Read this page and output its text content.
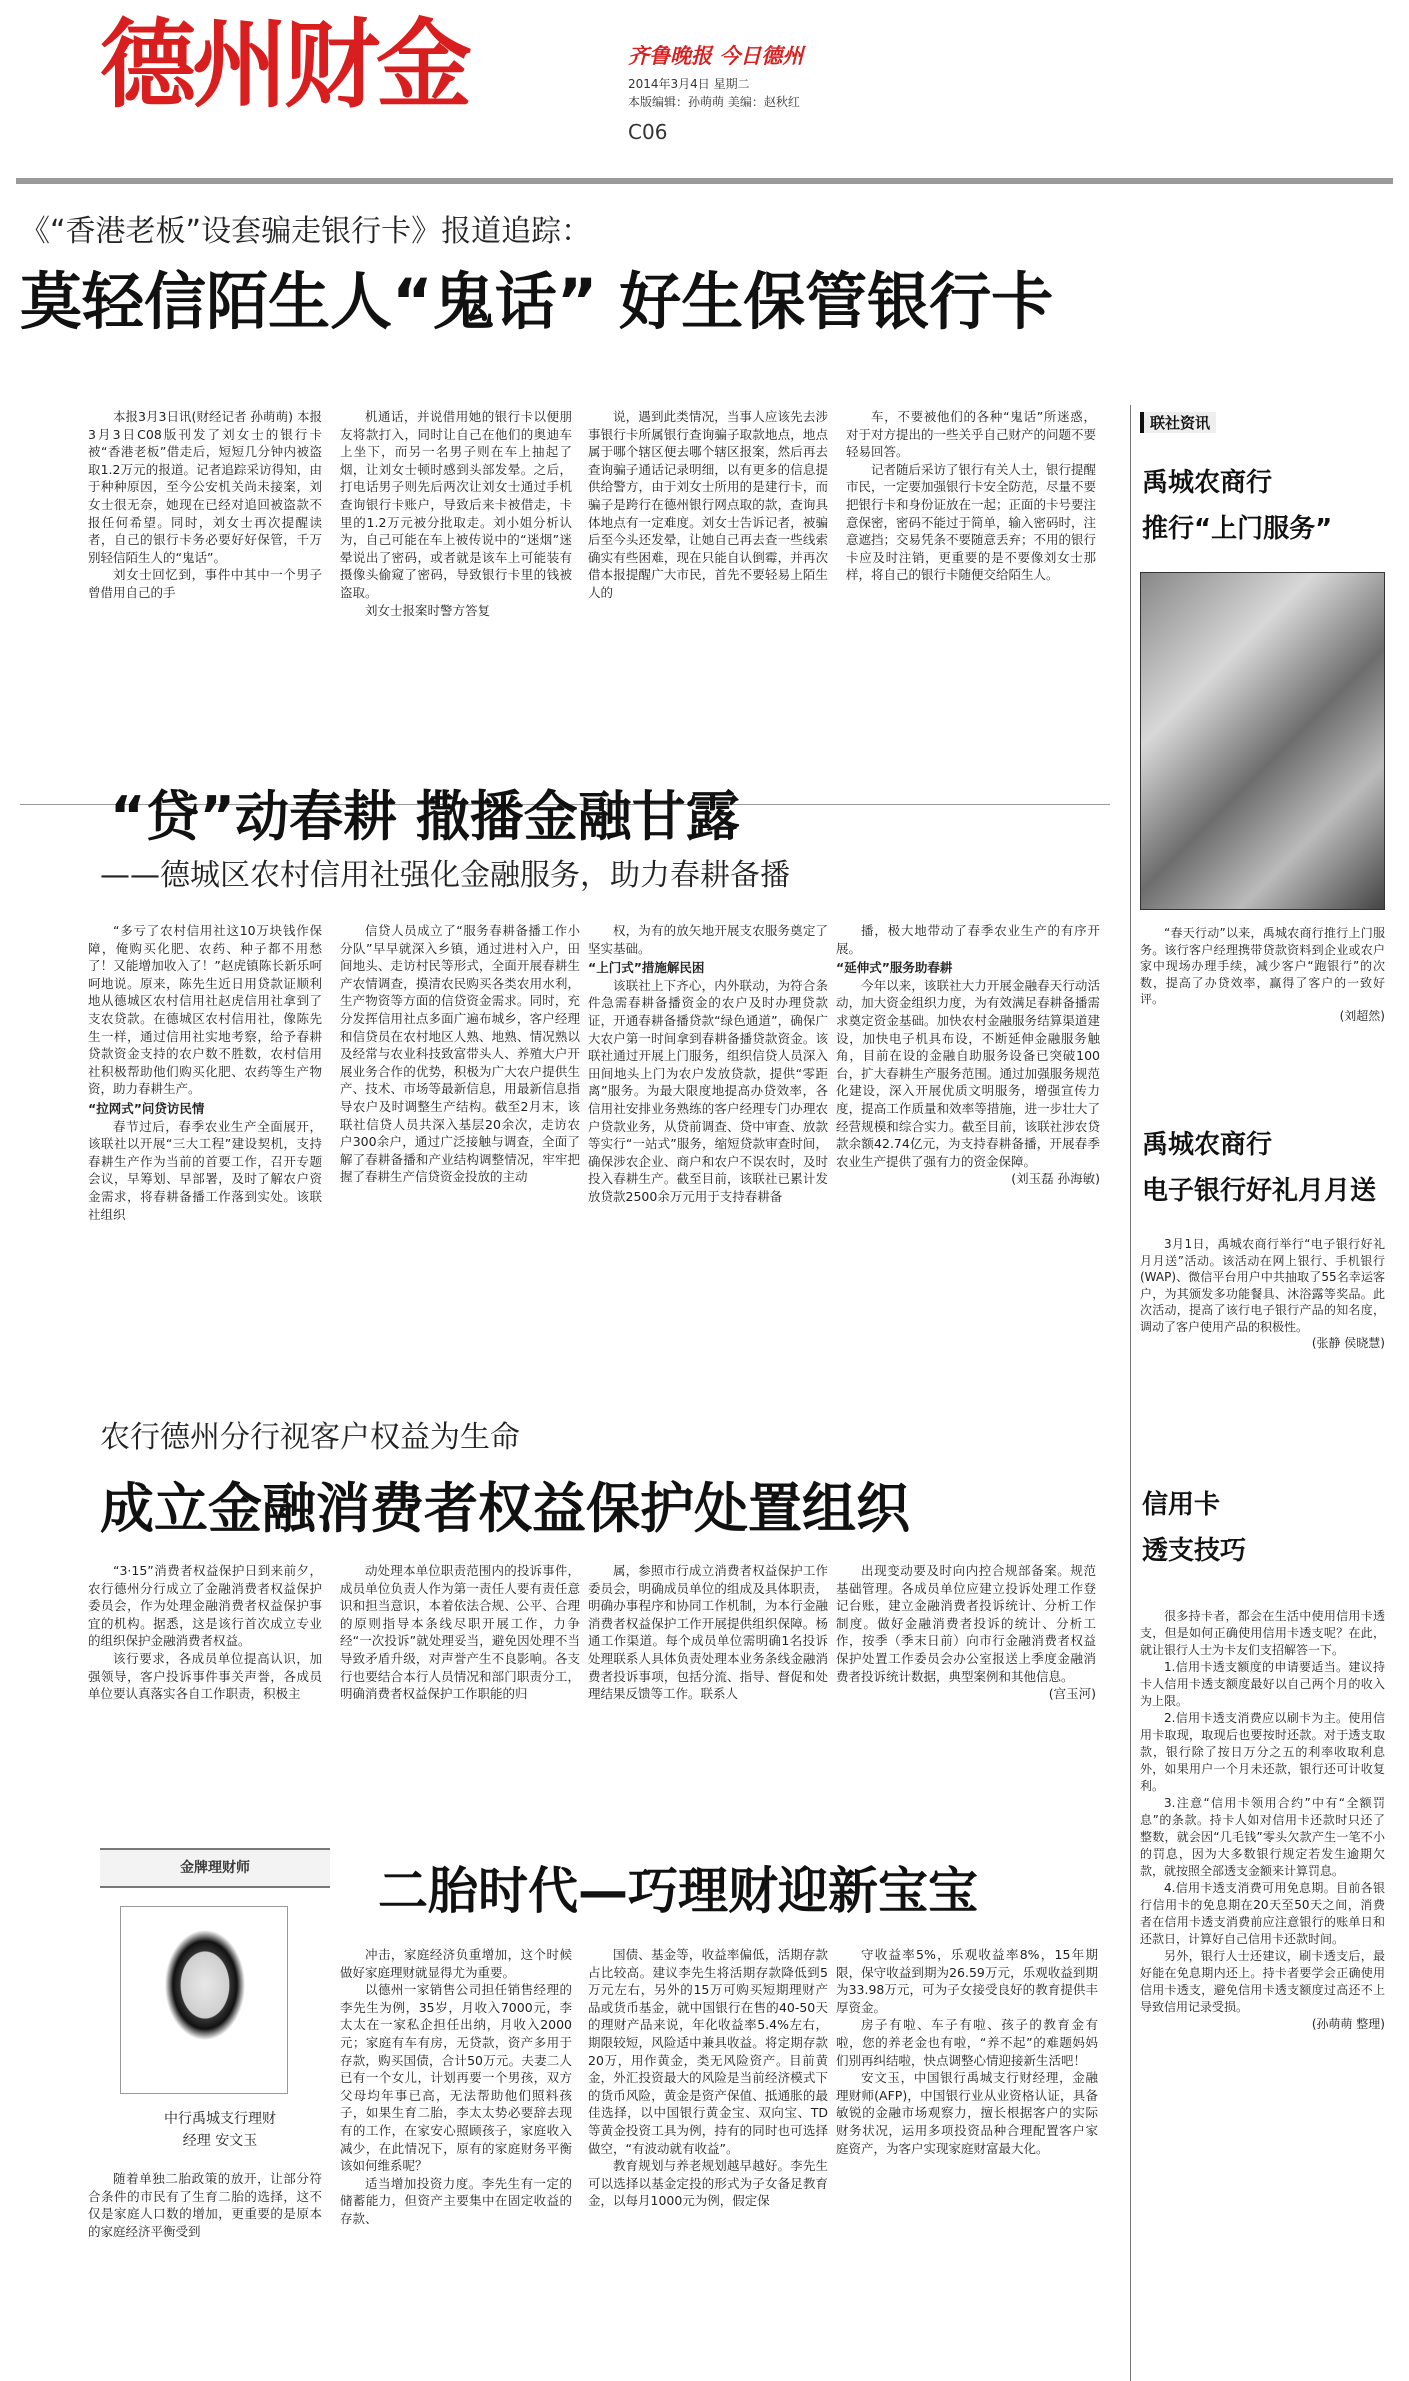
德州财金	齐鲁晚报 今日德州
2014年3月4日 星期二
本版编辑：孙萌萌 美编：赵秋红
C06
《“香港老板”设套骗走银行卡》报道追踪：
莫轻信陌生人“鬼话” 好生保管银行卡

本报3月3日讯(财经记者 孙萌萌) 本报3月3日C08版刊发了刘女士的银行卡被“香港老板”借走后，短短几分钟内被盗取1.2万元的报道。记者追踪采访得知，由于种种原因，至今公安机关尚未接案，刘女士很无奈，她现在已经对追回被盗款不报任何希望。同时，刘女士再次提醒读者，自己的银行卡务必要好好保管，千万别轻信陌生人的“鬼话”。

刘女士回忆到，事件中其中一个男子曾借用自己的手

机通话，并说借用她的银行卡以便朋友将款打入，同时让自己在他们的奥迪车上坐下，而另一名男子则在车上抽起了烟，让刘女士顿时感到头部发晕。之后，打电话男子则先后两次让刘女士通过手机查询银行卡账户，导致后来卡被借走，卡里的1.2万元被分批取走。刘小姐分析认为，自己可能在车上被传说中的“迷烟”迷晕说出了密码，或者就是该车上可能装有摄像头偷窥了密码，导致银行卡里的钱被盗取。

刘女士报案时警方答复

说，遇到此类情况，当事人应该先去涉事银行卡所属银行查询骗子取款地点，地点属于哪个辖区便去哪个辖区报案，然后再去查询骗子通话记录明细，以有更多的信息提供给警方，由于刘女士所用的是建行卡，而骗子是跨行在德州银行网点取的款，查询具体地点有一定难度。刘女士告诉记者，被骗后至今头还发晕，让她自己再去查一些线索确实有些困难，现在只能自认倒霉，并再次借本报提醒广大市民，首先不要轻易上陌生人的

车，不要被他们的各种“鬼话”所迷惑，对于对方提出的一些关乎自己财产的问题不要轻易回答。

记者随后采访了银行有关人士，银行提醒市民，一定要加强银行卡安全防范，尽量不要把银行卡和身份证放在一起；正面的卡号要注意保密，密码不能过于简单，输入密码时，注意遮挡；交易凭条不要随意丢弃；不用的银行卡应及时注销，更重要的是不要像刘女士那样，将自己的银行卡随便交给陌生人。

“贷”动春耕 撒播金融甘露
——德城区农村信用社强化金融服务，助力春耕备播

“多亏了农村信用社这10万块钱作保障，俺购买化肥、农药、种子都不用愁了！又能增加收入了！”赵虎镇陈长新乐呵呵地说。原来，陈先生近日用贷款证顺利地从德城区农村信用社赵虎信用社拿到了支农贷款。在德城区农村信用社，像陈先生一样，通过信用社实地考察，给予春耕贷款资金支持的农户数不胜数，农村信用社积极帮助他们购买化肥、农药等生产物资，助力春耕生产。

“拉网式”问贷访民情

春节过后，春季农业生产全面展开，该联社以开展“三大工程”建设契机，支持春耕生产作为当前的首要工作，召开专题会议，早筹划、早部署，及时了解农户资金需求，将春耕备播工作落到实处。该联社组织

信贷人员成立了“服务春耕备播工作小分队”早早就深入乡镇，通过进村入户，田间地头、走访村民等形式，全面开展春耕生产农情调查，摸清农民购买各类农用水利，生产物资等方面的信贷资金需求。同时，充分发挥信用社点多面广遍布城乡，客户经理和信贷员在农村地区人熟、地熟、情况熟以及经常与农业科技致富带头人、养殖大户开展业务合作的优势，积极为广大农户提供生产、技术、市场等最新信息，用最新信息指导农户及时调整生产结构。截至2月末，该联社信贷人员共深入基层20余次，走访农户300余户，通过广泛接触与调查，全面了解了春耕备播和产业结构调整情况，牢牢把握了春耕生产信贷资金投放的主动

权，为有的放矢地开展支农服务奠定了坚实基础。

“上门式”措施解民困

该联社上下齐心，内外联动，为符合条件急需春耕备播资金的农户及时办理贷款证，开通春耕备播贷款“绿色通道”，确保广大农户第一时间拿到春耕备播贷款资金。该联社通过开展上门服务，组织信贷人员深入田间地头上门为农户发放贷款，提供“零距离”服务。为最大限度地提高办贷效率，各信用社安排业务熟练的客户经理专门办理农户贷款业务，从贷前调查、贷中审查、放款等实行“一站式”服务，缩短贷款审查时间，确保涉农企业、商户和农户不误农时，及时投入春耕生产。截至目前，该联社已累计发放贷款2500余万元用于支持春耕备

播，极大地带动了春季农业生产的有序开展。

“延伸式”服务助春耕

今年以来，该联社大力开展金融春天行动活动，加大资金组织力度，为有效满足春耕备播需求奠定资金基础。加快农村金融服务结算渠道建设，加快电子机具布设，不断延伸金融服务触角，目前在设的金融自助服务设备已突破100台，扩大春耕生产服务范围。通过加强服务规范化建设，深入开展优质文明服务，增强宣传力度，提高工作质量和效率等措施，进一步壮大了经营规模和综合实力。截至目前，该联社涉农贷款余额42.74亿元，为支持春耕备播，开展春季农业生产提供了强有力的资金保障。

(刘玉磊 孙海敏)

农行德州分行视客户权益为生命
成立金融消费者权益保护处置组织

“3·15”消费者权益保护日到来前夕，农行德州分行成立了金融消费者权益保护委员会，作为处理金融消费者权益保护事宜的机构。据悉，这是该行首次成立专业的组织保护金融消费者权益。

该行要求，各成员单位提高认识，加强领导，客户投诉事件事关声誉，各成员单位要认真落实各自工作职责，积极主

动处理本单位职责范围内的投诉事件，成员单位负责人作为第一责任人要有责任意识和担当意识，本着依法合规、公平、合理的原则指导本条线尽职开展工作，力争经“一次投诉”就处理妥当，避免因处理不当导致矛盾升级，对声誉产生不良影响。各支行也要结合本行人员情况和部门职责分工，明确消费者权益保护工作职能的归

属，参照市行成立消费者权益保护工作委员会，明确成员单位的组成及具体职责，明确办事程序和协同工作机制，为本行金融消费者权益保护工作开展提供组织保障。杨通工作渠道。每个成员单位需明确1名投诉处理联系人具体负责处理本业务条线金融消费者投诉事项，包括分流、指导、督促和处理结果反馈等工作。联系人

出现变动要及时向内控合规部备案。规范基础管理。各成员单位应建立投诉处理工作登记台账，建立金融消费者投诉统计、分析工作制度。做好金融消费者投诉的统计、分析工作，按季（季末日前）向市行金融消费者权益保护处置工作委员会办公室报送上季度金融消费者投诉统计数据，典型案例和其他信息。

(宫玉河)

金牌理财师	二胎时代—巧理财迎新宝宝
中行禹城支行理财
经理 安文玉

随着单独二胎政策的放开，让部分符合条件的市民有了生育二胎的选择，这不仅是家庭人口数的增加，更重要的是原本的家庭经济平衡受到

冲击，家庭经济负重增加，这个时候做好家庭理财就显得尤为重要。

以德州一家销售公司担任销售经理的李先生为例，35岁，月收入7000元，李太太在一家私企担任出纳，月收入2000元；家庭有车有房，无贷款，资产多用于存款，购买国债，合计50万元。夫妻二人已有一个女儿，计划再要一个男孩，双方父母均年事已高，无法帮助他们照料孩子，如果生育二胎，李太太势必要辞去现有的工作，在家安心照顾孩子，家庭收入减少，在此情况下，原有的家庭财务平衡该如何维系呢？

适当增加投资力度。李先生有一定的储蓄能力，但资产主要集中在固定收益的存款、

国债、基金等，收益率偏低，活期存款占比较高。建议李先生将活期存款降低到5万元左右，另外的15万可购买短期理财产品或货币基金，就中国银行在售的40-50天的理财产品来说，年化收益率5.4%左右，期限较短，风险适中兼具收益。将定期存款20万，用作黄金，类无风险资产。目前黄金，外汇投资最大的风险是当前经济模式下的货币风险，黄金是资产保值、抵通胀的最佳选择，以中国银行黄金宝、双向宝、TD等黄金投资工具为例，持有的同时也可选择做空，“有波动就有收益”。

教育规划与养老规划越早越好。李先生可以选择以基金定投的形式为子女备足教育金，以每月1000元为例，假定保

守收益率5%，乐观收益率8%，15年期限，保守收益到期为26.59万元，乐观收益到期为33.98万元，可为子女接受良好的教育提供丰厚资金。

房子有啦、车子有啦、孩子的教育金有啦，您的养老金也有啦，“养不起”的难题妈妈们别再纠结啦，快点调整心情迎接新生活吧！

安文玉，中国银行禹城支行财经理，金融理财师(AFP)，中国银行业从业资格认证，具备敏锐的金融市场观察力，擅长根据客户的实际财务状况，运用多项投资品种合理配置客户家庭资产，为客户实现家庭财富最大化。

联社资讯
禹城农商行
推行“上门服务”

“春天行动”以来，禹城农商行推行上门服务。该行客户经理携带贷款资料到企业或农户家中现场办理手续，减少客户“跑银行”的次数，提高了办贷效率，赢得了客户的一致好评。

(刘超然)

禹城农商行
电子银行好礼月月送

3月1日，禹城农商行举行“电子银行好礼月月送”活动。该活动在网上银行、手机银行(WAP)、微信平台用户中共抽取了55名幸运客户，为其颁发多功能餐具、沐浴露等奖品。此次活动，提高了该行电子银行产品的知名度，调动了客户使用产品的积极性。

(张静 侯晓慧)

信用卡
透支技巧

很多持卡者，都会在生活中使用信用卡透支，但是如何正确使用信用卡透支呢？在此，就让银行人士为卡友们支招解答一下。

1.信用卡透支额度的申请要适当。建议持卡人信用卡透支额度最好以自己两个月的收入为上限。

2.信用卡透支消费应以刷卡为主。使用信用卡取现，取现后也要按时还款。对于透支取款，银行除了按日万分之五的利率收取利息外，如果用户一个月未还款，银行还可计收复利。

3.注意“信用卡领用合约”中有“全额罚息”的条款。持卡人如对信用卡还款时只还了整数，就会因“几毛钱”零头欠款产生一笔不小的罚息，因为大多数银行规定若发生逾期欠款，就按照全部透支金额来计算罚息。

4.信用卡透支消费可用免息期。目前各银行信用卡的免息期在20天至50天之间，消费者在信用卡透支消费前应注意银行的账单日和还款日，计算好自己信用卡还款时间。

另外，银行人士还建议，刷卡透支后，最好能在免息期内还上。持卡者要学会正确使用信用卡透支，避免信用卡透支额度过高还不上导致信用记录受损。

(孙萌萌 整理)
